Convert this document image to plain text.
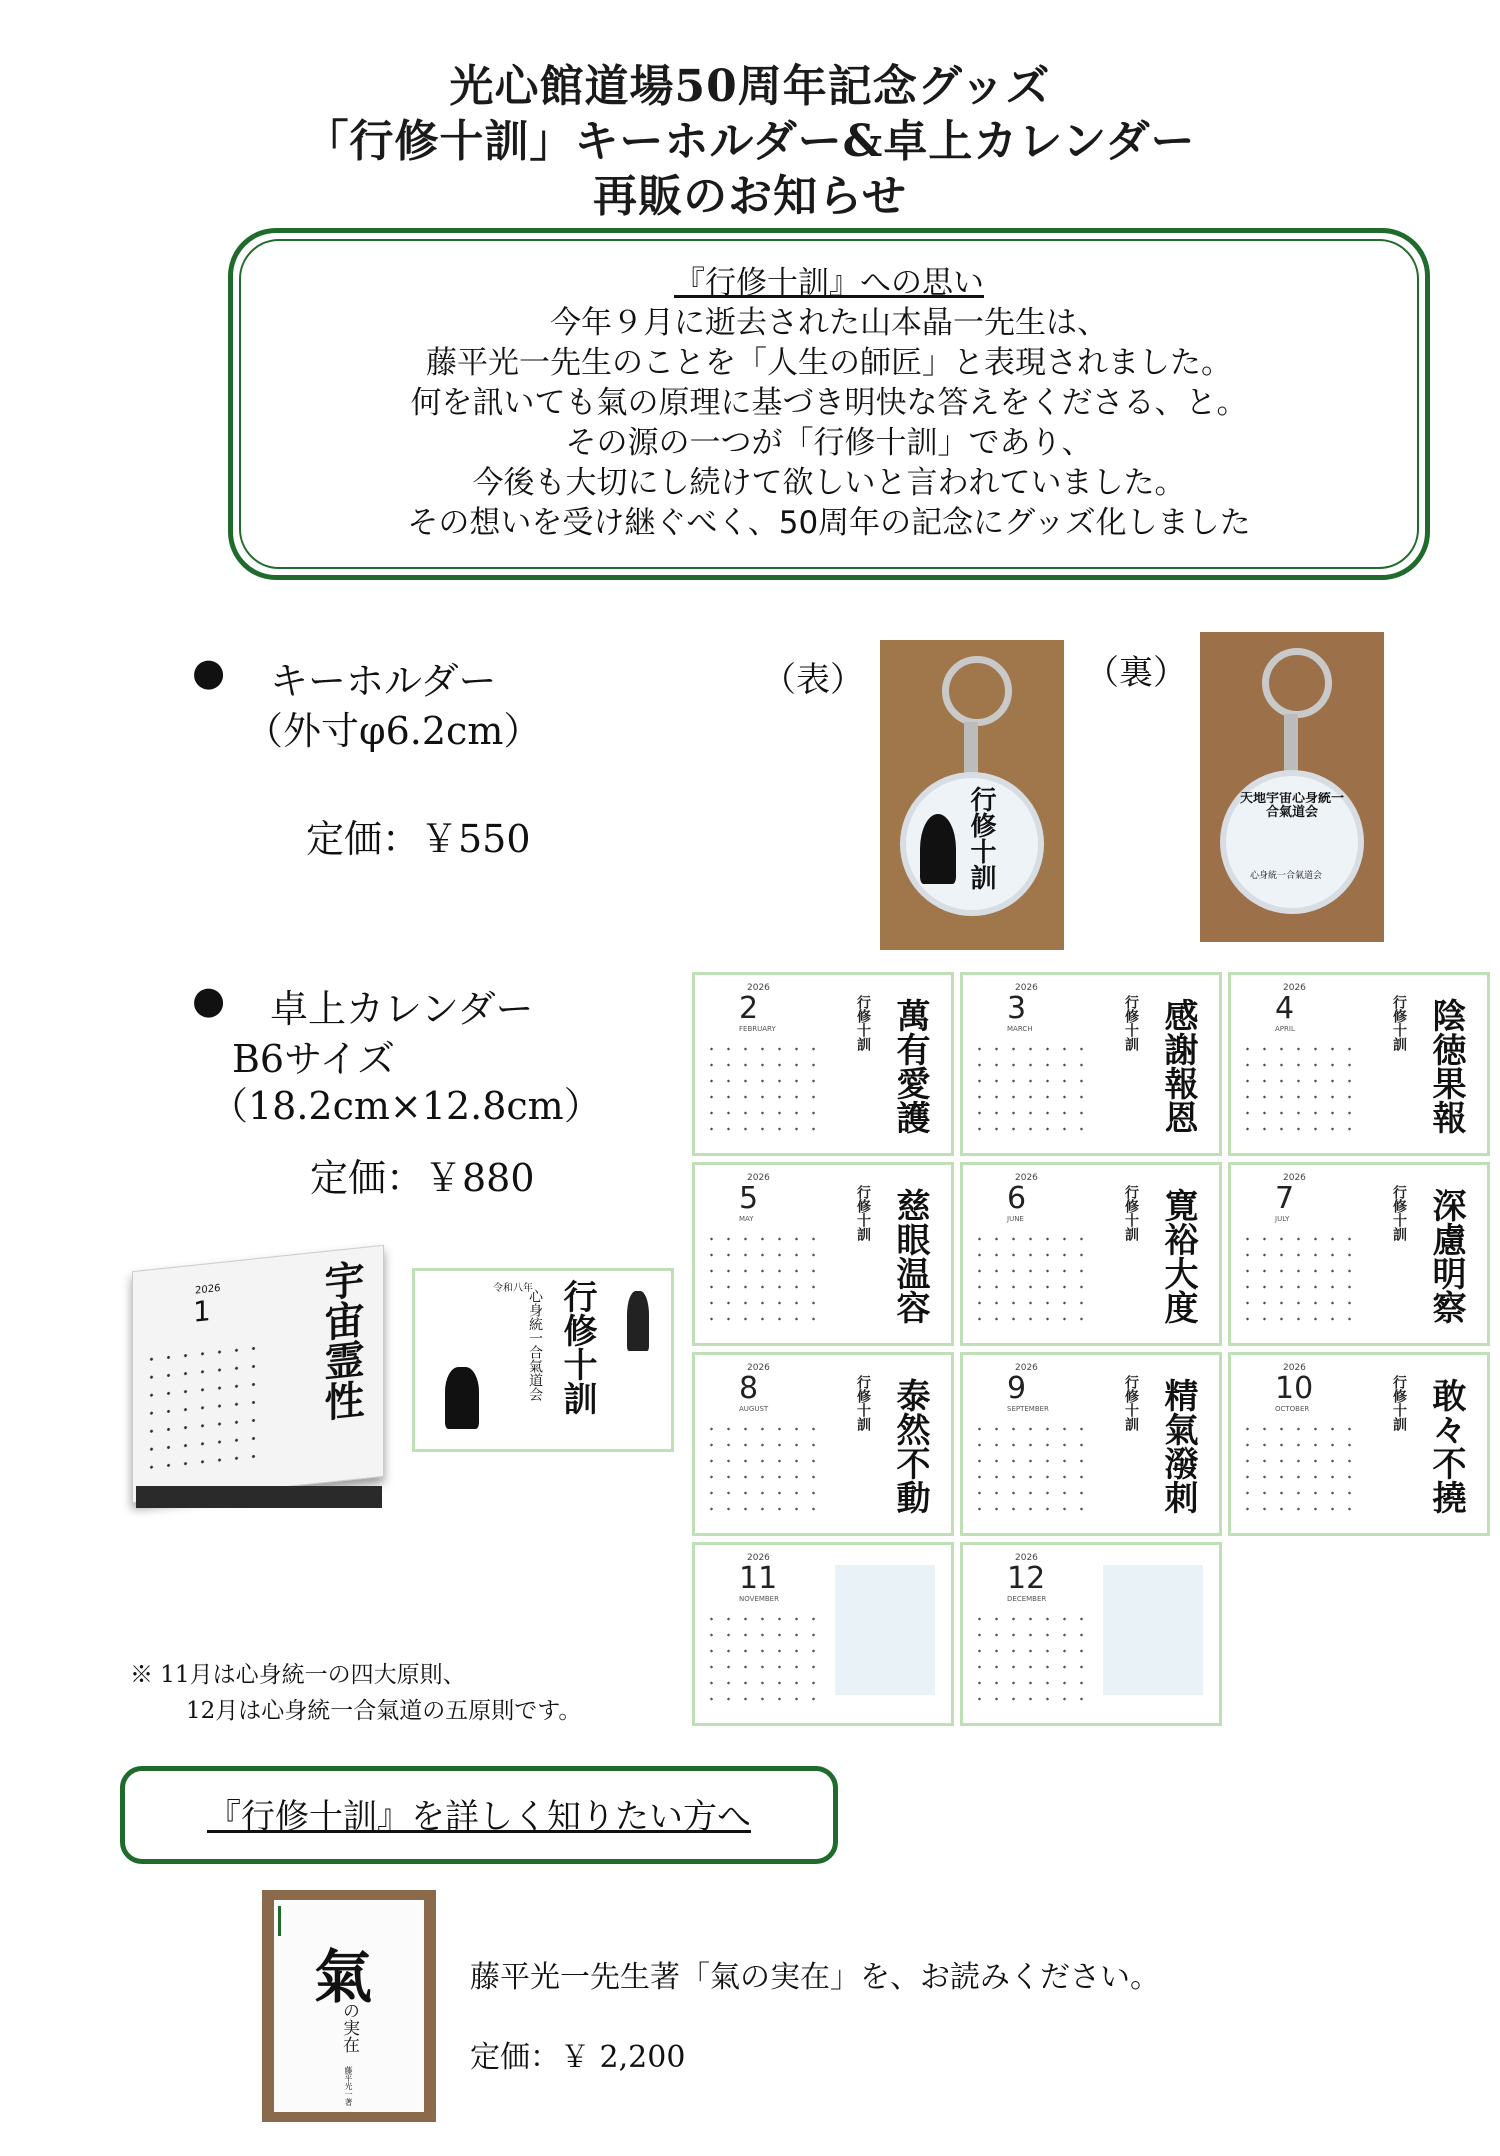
光心館道場50周年記念グッズ
「行修十訓」キーホルダー&卓上カレンダー
再販のお知らせ
『行修十訓』への思い
今年９月に逝去された山本晶一先生は、
藤平光一先生のことを「人生の師匠」と表現されました。
何を訊いても氣の原理に基づき明快な答えをくださる、と。
その源の一つが「行修十訓」であり、
今後も大切にし続けて欲しいと言われていました。
その想いを受け継ぐべく、50周年の記念にグッズ化しました
● キーホルダー
（外寸φ6.2cm）
定価：￥550
（表）	（裏）
行修十訓	天地宇宙心身統一合氣道会
心身統一合氣道会
● 卓上カレンダー
B6サイズ
（18.2cm×12.8cm）
定価：￥880
2026
1	宇宙霊性	令和八年 行修十訓
心身統一合氣道会
2026
2
FEBRUARY	行修十訓 萬有愛護
2026
3
MARCH	行修十訓 感謝報恩
2026
4
APRIL	行修十訓 陰徳果報
2026
5
MAY	行修十訓 慈眼温容
2026
6
JUNE	行修十訓 寛裕大度
2026
7
JULY	行修十訓 深慮明察
2026
8
AUGUST	行修十訓 泰然不動
2026
9
SEPTEMBER	行修十訓 精氣潑刺
2026
10
OCTOBER	行修十訓 敢々不撓
2026
11
NOVEMBER
2026
12
DECEMBER
※ 11月は心身統一の四大原則、
12月は心身統一合氣道の五原則です。
『行修十訓』を詳しく知りたい方へ
氣
の実在
藤平光一著
藤平光一先生著「氣の実在」を、お読みください。
定価：￥ 2,200
